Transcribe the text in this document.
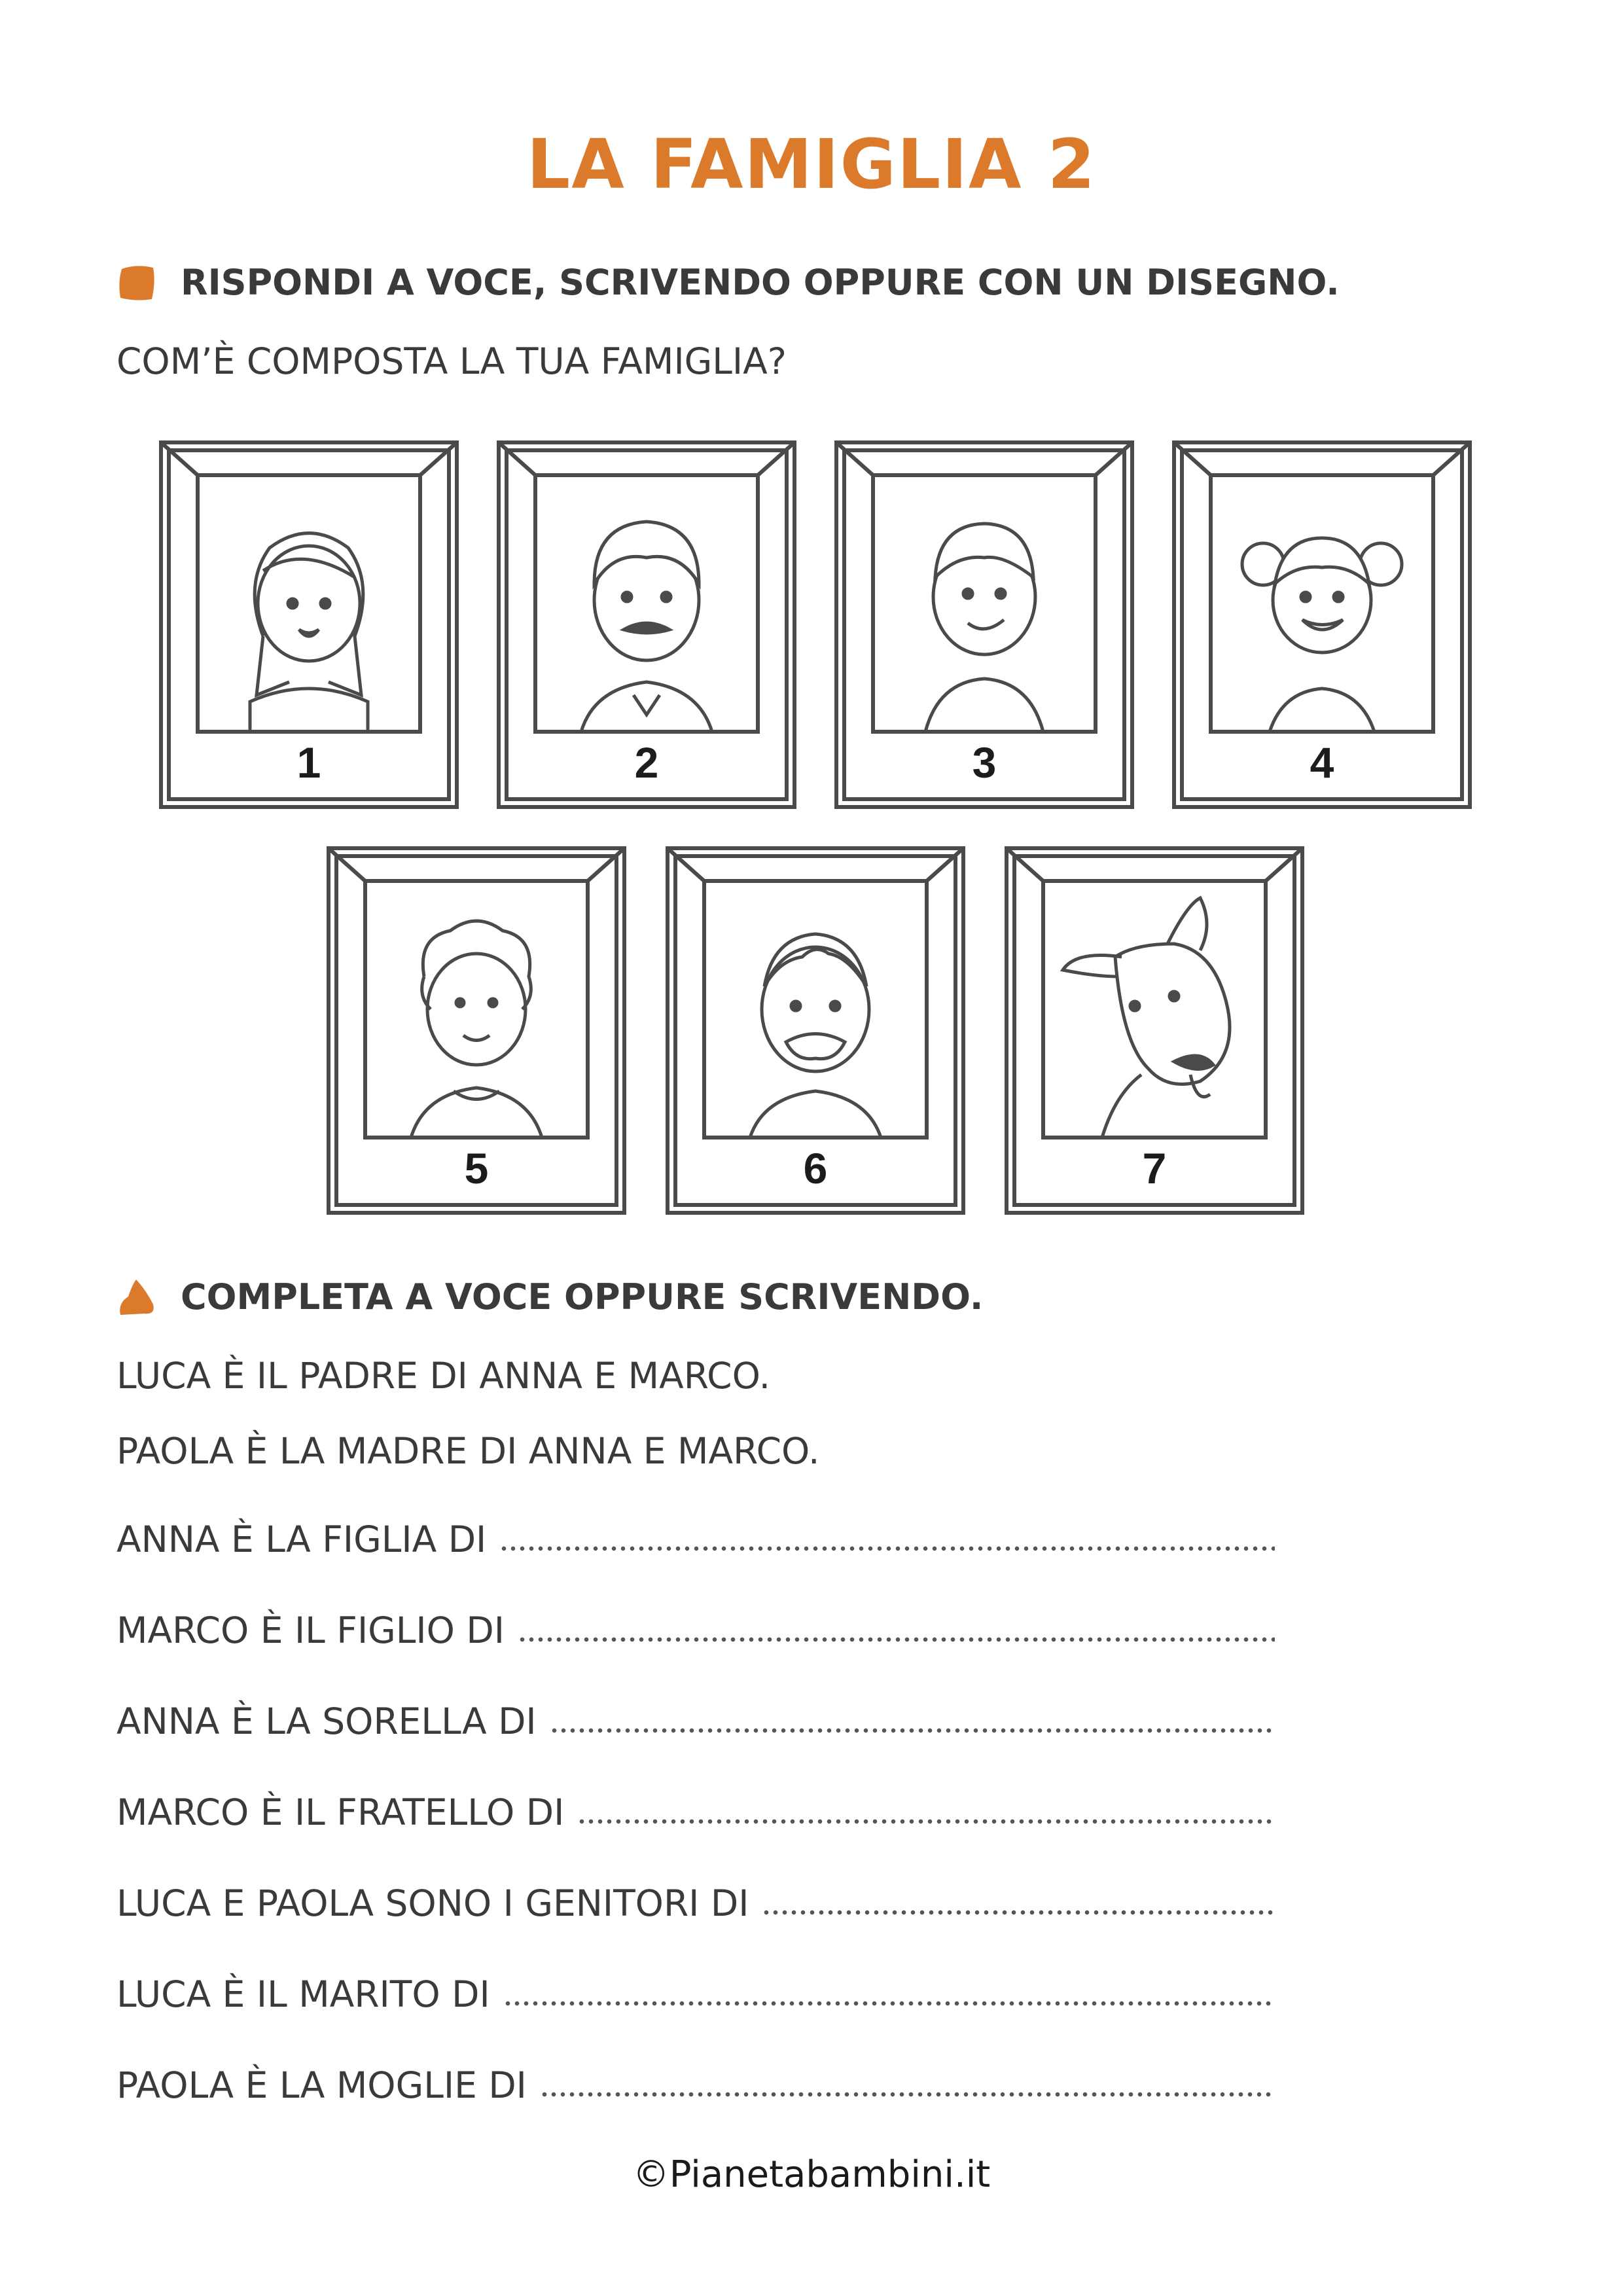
LA FAMIGLIA 2
RISPONDI A VOCE, SCRIVENDO OPPURE CON UN DISEGNO.
COM’È COMPOSTA LA TUA FAMIGLIA?
1	2	3	4
5	6	7
COMPLETA A VOCE OPPURE SCRIVENDO.
LUCA È IL PADRE DI ANNA E MARCO.
PAOLA È LA MADRE DI ANNA E MARCO.
ANNA È LA FIGLIA DI
MARCO È IL FIGLIO DI
ANNA È LA SORELLA DI
MARCO È IL FRATELLO DI
LUCA E PAOLA SONO I GENITORI DI
LUCA È IL MARITO DI
PAOLA È LA MOGLIE DI
©Pianetabambini.it
